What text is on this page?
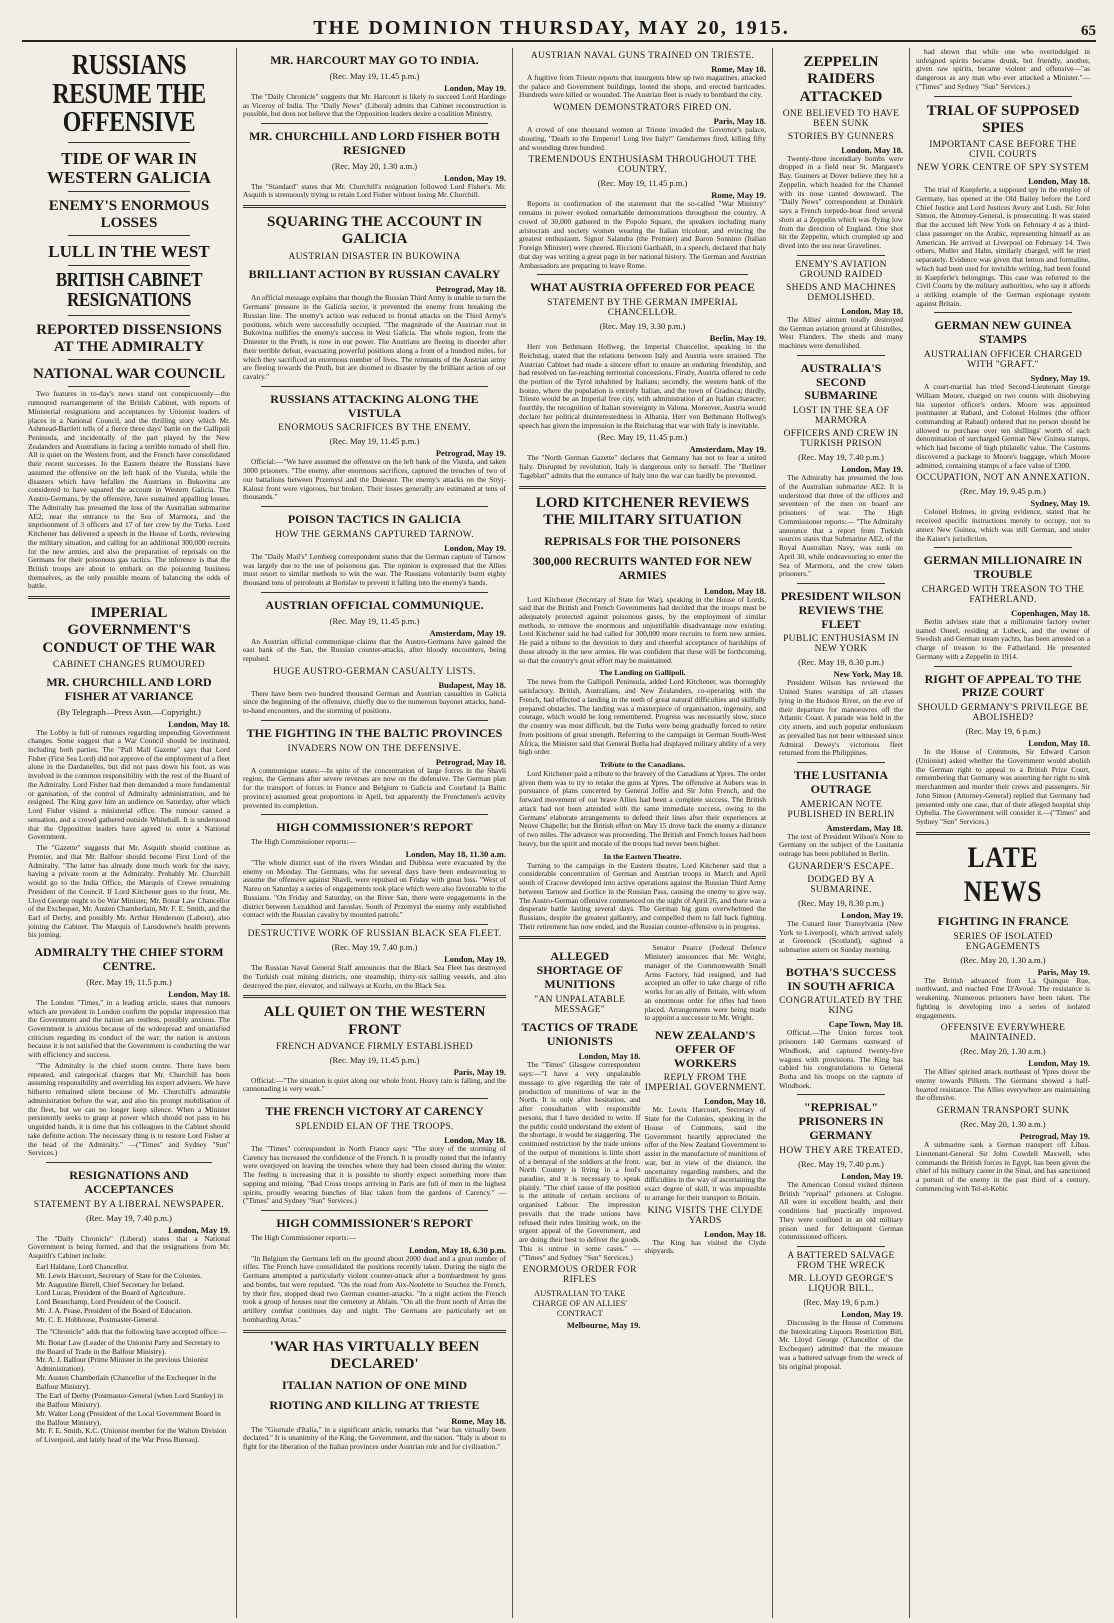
THE DOMINION THURSDAY, MAY 20, 1915.	65
RUSSIANS RESUME THE OFFENSIVE
TIDE OF WAR IN WESTERN GALICIA
ENEMY'S ENORMOUS LOSSES
LULL IN THE WEST
BRITISH CABINET RESIGNATIONS
REPORTED DISSENSIONS AT THE ADMIRALTY
NATIONAL WAR COUNCIL

Two features in to-day's news stand out conspicuously—the rumoured rearrangement of the British Cabinet, with reports of Ministerial resignations and acceptances by Unionist leaders of places in a National Council, and the thrilling story which Mr. Ashmead-Bartlett tells of a fierce three days' battle on the Gallipoli Peninsula, and incidentally of the part played by the New Zealanders and Australians in facing a terrible tornado of shell fire. All is quiet on the Western front, and the French have consolidated their recent successes. In the Eastern theatre the Russians have assumed the offensive on the left bank of the Vistula, while the disasters which have befallen the Austrians in Bukovina are considered to have squared the account in Western Galicia. The Austro-Germans, by the offensive, have sustained appalling losses. The Admiralty has presumed the loss of the Australian submarine AE2, near the entrance to the Sea of Marmora, and the imprisonment of 3 officers and 17 of her crew by the Turks. Lord Kitchener has delivered a speech in the House of Lords, reviewing the military situation, and calling for an additional 300,000 recruits for the new armies, and also the preparation of reprisals on the Germans for their poisonous gas tactics. The inference is that the British troops are about to embark on the poisoning business themselves, as the only possible means of balancing the odds of battle.

IMPERIAL GOVERNMENT'S CONDUCT OF THE WAR
CABINET CHANGES RUMOURED
MR. CHURCHILL AND LORD FISHER AT VARIANCE
(By Telegraph—Press Assn.—Copyright.)
London, May 18.

The Lobby is full of rumours regarding impending Government changes. Some suggest that a War Council should be instituted, including both parties. The "Pall Mall Gazette" says that Lord Fisher (First Sea Lord) did not approve of the employment of a fleet alone in the Dardanelles, but did not pass down his foot, as was involved in the common responsibility with the rest of the Board of the Admiralty. Lord Fisher had then demanded a more fundamental or ganisation, of the control of Admiralty administration, and he resigned. The King gave him an audience on Saturday, after which Lord Fisher visited a ministerial office. The rumour caused a sensation, and a crowd gathered outside Whitehall. It is understood that the Opposition leaders have agreed to enter a National Government.

The "Gazette" suggests that Mr. Asquith should continue as Premier, and that Mr. Balfour should become First Lord of the Admiralty. "The latter has already done much work for the navy, having a private room at the Admiralty. Probably Mr. Churchill would go to the India Office, the Marquis of Crewe remaining President of the Council. If Lord Kitchener goes to the front, Mr. Lloyd George ought to be War Minister, Mr. Bonar Law Chancellor of the Exchequer, Mr. Austen Chamberlain, Mr. F. E. Smith, and the Earl of Derby, and possibly Mr. Arthur Henderson (Labour), also joining the Cabinet. The Marquis of Lansdowne's health prevents his joining.

ADMIRALTY THE CHIEF STORM CENTRE.
(Rec. May 19, 11.5 p.m.)
London, May 18.

The London "Times," in a leading article, states that rumours which are prevalent in London confirm the popular impression that the Government and the nation are restless, possibly anxious. The Government is anxious because of the widespread and unsatisfied criticism regarding its conduct of the war; the nation is anxious because it is not satisfied that the Government is conducting the war with efficiency and success.

"The Admiralty is the chief storm centre. There have been repeated, and categorical charges that Mr. Churchill has been assuming responsibility and overriding his expert advisers. We have hitherto remained silent because of Mr. Churchill's admirable administration before the war, and also his prompt mobilisation of the fleet, but we can no longer keep silence. When a Minister persistently seeks to grasp at power which should not pass to his unguided hands, it is time that his colleagues in the Cabinet should take definite action. The necessary thing is to restore Lord Fisher at the head of the Admiralty." —("Times" and Sydney "Sun" Services.)

RESIGNATIONS AND ACCEPTANCES
STATEMENT BY A LIBERAL NEWSPAPER.
(Rec. May 19, 7.40 p.m.)
London, May 19.

The "Daily Chronicle" (Liberal) states that a National Government is being formed, and that the resignations from Mr. Asquith's Cabinet include:

Earl Haldane, Lord Chancellor.
Mr. Lewis Harcourt, Secretary of State for the Colonies.
Mr. Augustine Birrell, Chief Secretary for Ireland.
Lord Lucas, President of the Board of Agriculture.
Lord Beauchamp, Lord President of the Council.
Mr. J. A. Pease, President of the Board of Education.
Mr. C. E. Hobhouse, Postmaster-General.

The "Chronicle" adds that the following have accepted office:—

Mr. Bonar Law (Leader of the Unionist Party and Secretary to the Board of Trade in the Balfour Ministry).
Mr. A. J. Balfour (Prime Minister in the previous Unionist Administration).
Mr. Austen Chamberlain (Chancellor of the Exchequer in the Balfour Ministry).
The Earl of Derby (Postmaster-General (when Lord Stanley) in the Balfour Ministry).
Mr. Walter Long (President of the Local Government Board in the Balfour Ministry).
Mr. F. E. Smith, K.C. (Unionist member for the Walton Division of Liverpool, and lately head of the War Press Bureau).
MR. HARCOURT MAY GO TO INDIA.
(Rec. May 19, 11.45 p.m.)
London, May 19.

The "Daily Chronicle" suggests that Mr. Harcourt is likely to succeed Lord Hardinge as Viceroy of India. The "Daily News" (Liberal) admits that Cabinet reconstruction is possible, but does not believe that the Opposition leaders desire a coalition Ministry.

MR. CHURCHILL AND LORD FISHER BOTH RESIGNED
(Rec. May 20, 1.30 a.m.)
London, May 19.

The "Standard" states that Mr. Churchill's resignation followed Lord Fisher's. Mr. Asquith is strenuously trying to retain Lord Fisher without losing Mr. Churchill.

SQUARING THE ACCOUNT IN GALICIA
AUSTRIAN DISASTER IN BUKOWINA
BRILLIANT ACTION BY RUSSIAN CAVALRY
Petrograd, May 18.

An official message explains that though the Russian Third Army is unable to turn the Germans' pressure in the Galicia sector, it prevented the enemy from breaking the Russian line. The enemy's action was reduced to frontal attacks on the Third Army's positions, which were successfully occupied. "The magnitude of the Austrian rout in Bukovina nullifies the enemy's success in West Galicia. The whole region, from the Dniester to the Pruth, is now in our power. The Austrians are fleeing in disorder after their terrible defeat, evacuating powerful positions along a front of a hundred miles, for which they sacrificed an enormous number of lives. The remnants of the Austrian army are fleeing towards the Pruth, but are doomed to disaster by the brilliant action of our cavalry."

RUSSIANS ATTACKING ALONG THE VISTULA
ENORMOUS SACRIFICES BY THE ENEMY.
(Rec. May 19, 11.45 p.m.)
Petrograd, May 19.

Official:—"We have assumed the offensive on the left bank of the Vistula, and taken 3000 prisoners. "The enemy, after enormous sacrifices, captured the trenches of two of our battalions between Przemysl and the Dniester. The enemy's attacks on the Stryj-Kalusz front were vigorous, but broken. Their losses generally are estimated at tens of thousands."

POISON TACTICS IN GALICIA
HOW THE GERMANS CAPTURED TARNOW.
London, May 19.

The "Daily Mail's" Lemberg correspondent states that the German capture of Tarnow was largely due to the use of poisonous gas. The opinion is expressed that the Allies must resort to similar methods to win the war. The Russians voluntarily burnt eighty thousand tons of petroleum at Borislav to prevent it falling into the enemy's hands.

AUSTRIAN OFFICIAL COMMUNIQUE.
(Rec. May 19, 11.45 p.m.)
Amsterdam, May 19.

An Austrian official communique claims that the Austro-Germans have gained the east bank of the San, the Russian counter-attacks, after bloody encounters, being repulsed.

HUGE AUSTRO-GERMAN CASUALTY LISTS.
Budapest, May 18.

There have been two hundred thousand German and Austrian casualties in Galicia since the beginning of the offensive, chiefly due to the numerous bayonet attacks, hand-to-hand encounters, and the storming of positions.

THE FIGHTING IN THE BALTIC PROVINCES
INVADERS NOW ON THE DEFENSIVE.
Petrograd, May 18.

A communique states:—In spite of the concentration of large forces in the Shavli region, the Germans after severe reverses are now on the defensive. The German plan for the transport of forces in France and Belgium to Galicia and Courland (a Baltic province) assumed great proportions in April, but apparently the Frenchmen's activity prevented its completion.

HIGH COMMISSIONER'S REPORT

The High Commissioner reports:—

London, May 18, 11.30 a.m.

"The whole district east of the rivers Windau and Dubissa were evacuated by the enemy on Monday. The Germans, who for several days have been endeavouring to assume the offensive against Shavli, were repulsed on Friday with great loss. "West of Nareu on Saturday a series of engagements took place which were also favourable to the Russians. "On Friday and Saturday, on the River San, there were engagements in the district between Lezakhod and Jaroslav. South of Przemysl the enemy only established contact with the Russian cavalry by mounted patrols."

DESTRUCTIVE WORK OF RUSSIAN BLACK SEA FLEET.
(Rec. May 19, 7.40 p.m.)
London, May 19.

The Russian Naval General Staff announces that the Black Sea Fleet has destroyed the Turkish coal mining districts, one steamship, thirty-six sailing vessels, and also destroyed the pier, elevator, and railways at Kozlu, on the Black Sea.

ALL QUIET ON THE WESTERN FRONT
FRENCH ADVANCE FIRMLY ESTABLISHED
(Rec. May 19, 11.45 p.m.)
Paris, May 19.

Official:—"The situation is quiet along our whole front. Heavy rain is falling, and the cannonading is very weak."

THE FRENCH VICTORY AT CARENCY
SPLENDID ELAN OF THE TROOPS.
London, May 18.

The "Times" correspondent in North France says: "The story of the storming of Carency has increased the confidence of the French. It is proudly noted that the infantry were overjoyed on leaving the trenches where they had been closed during the winter. The feeling is increasing that it is possible to shortly expect something more than sapping and mining. "Bad Cross troops arriving in Paris are full of men in the highest spirits, proudly wearing bunches of lilac taken from the gardens of Carency." —("Times" and Sydney "Sun" Services.)

HIGH COMMISSIONER'S REPORT

The High Commissioner reports:—

London, May 18, 6.30 p.m.

"In Belgium the Germans left on the ground about 2000 dead and a great number of rifles. The French have consolidated the positions recently taken. During the night the Germans attempted a particularly violent counter-attack after a bombardment by guns and bombs, but were repulsed. "On the road from Aix-Noulette to Souchez the French, by their fire, stopped dead two German counter-attacks. "In a night action the French took a group of houses near the cemetery at Ablain. "On all the front north of Arras the artillery combat continues day and night. The Germans are particularly set on bombarding Arras."

'WAR HAS VIRTUALLY BEEN DECLARED'
ITALIAN NATION OF ONE MIND
RIOTING AND KILLING AT TRIESTE
Rome, May 18.

The "Giornale d'Italia," in a significant article, remarks that "war has virtually been declared." It is unanimity of the King, the Government, and the nation. "Italy is about to fight for the liberation of the Italian provinces under Austrian rule and for civilisation."

AUSTRIAN NAVAL GUNS TRAINED ON TRIESTE.
Rome, May 18.

A fugitive from Trieste reports that insurgents blew up two magazines, attacked the palace and Government buildings, looted the shops, and erected barricades. Hundreds were killed or wounded. The Austrian fleet is ready to bombard the city.

WOMEN DEMONSTRATORS FIRED ON.
Paris, May 18.

A crowd of one thousand women at Trieste invaded the Governor's palace, shouting, "Death to the Emperor! Long live Italy!" Gendarmes fired, killing fifty and wounding three hundred.

TREMENDOUS ENTHUSIASM THROUGHOUT THE COUNTRY.
(Rec. May 19, 11.45 p.m.)
Rome, May 19.

Reports in confirmation of the statement that the so-called "War Ministry" remains in power evoked remarkable demonstrations throughout the country. A crowd of 30,000 gathered in the Popolo Square, the speakers including many aristocrats and society women wearing the Italian tricolour, and evincing the greatest enthusiasm. Signor Salandra (the Premier) and Baron Sonnino (Italian Foreign Minister) were cheered. Ricciotti Garibaldi, in a speech, declared that Italy that day was writing a great page in her national history. The German and Austrian Ambassadors are preparing to leave Rome.

WHAT AUSTRIA OFFERED FOR PEACE
STATEMENT BY THE GERMAN IMPERIAL CHANCELLOR.
(Rec. May 19, 3.30 p.m.)
Berlin, May 19.

Herr von Bethmann Hollweg, the Imperial Chancellor, speaking in the Reichstag, stated that the relations between Italy and Austria were strained. The Austrian Cabinet had made a sincere effort to ensure an enduring friendship, and had resolved on far-reaching territorial concessions. Firstly, Austria offered to cede the portion of the Tyrol inhabited by Italians; secondly, the western bank of the Isonzo, where the population is entirely Italian, and the town of Gradisca; thirdly, Trieste would be an Imperial free city, with administration of an Italian character; fourthly, the recognition of Italian sovereignty in Valona. Moreover, Austria would declare her political disinterestedness in Albania. Herr von Bethmann Hollweg's speech has given the impression in the Reichstag that war with Italy is inevitable.

(Rec. May 19, 11.45 p.m.)
Amsterdam, May 19.

The "North German Gazette" declares that Germany has not to fear a united Italy. Disrupted by revolution, Italy is dangerous only to herself. The "Berliner Tageblatt" admits that the entrance of Italy into the war can hardly be prevented.

LORD KITCHENER REVIEWS THE MILITARY SITUATION
REPRISALS FOR THE POISONERS
300,000 RECRUITS WANTED FOR NEW ARMIES
London, May 18.

Lord Kitchener (Secretary of State for War), speaking in the House of Lords, said that the British and French Governments had decided that the troops must be adequately protected against poisonous gases, by the employment of similar methods, to remove the enormous and unjustifiable disadvantage now existing. Lord Kitchener said he had called for 300,000 more recruits to form new armies. He paid a tribute to the devotion to duty and cheerful acceptance of hardships of those already in the new armies. He was confident that these will be forthcoming, so that the country's great effort may be maintained.

The Landing on Gallipoli.

The news from the Gallipoli Peninsula, added Lord Kitchener, was thoroughly satisfactory. British, Australians, and New Zealanders, co-operating with the French, had effected a landing in the teeth of great natural difficulties and skilfully prepared obstacles. The landing was a masterpiece of organisation, ingenuity, and courage, which would be long remembered. Progress was necessarily slow, since the country was most difficult, but the Turks were being gradually forced to retire from positions of great strength. Referring to the campaign in German South-West Africa, the Minister said that General Botha had displayed military ability of a very high order.

Tribute to the Canadians.

Lord Kitchener paid a tribute to the bravery of the Canadians at Ypres. The order given them was to try to retake the guns at Ypres. The offensive at Aubers was in pursuance of plans concerted by General Joffre and Sir John French, and the forward movement of our brave Allies had been a complete success. The British attack had not been attended with the same immediate success, owing to the Germans' elaborate arrangements to defend their lines after their experiences at Neuve Chapelle; but the British effort on May 15 drove back the enemy a distance of two miles. The advance was proceeding. The British and French losses had been heavy, but the spirit and morale of the troops had never been higher.

In the Eastern Theatre.

Turning to the campaign in the Eastern theatre, Lord Kitchener said that a considerable concentration of German and Austrian troops in March and April south of Cracow developed into active operations against the Russian Third Army between Tarnow and Gorlice in the Russian Pass, causing the enemy to give way. The Austro-German offensive commenced on the night of April 26, and there was a desperate battle lasting several days. The German big guns overwhelmed the Russians, despite the greatest gallantry, and compelled them to fall back fighting. Their retirement has now ended, and the Russian counter-offensive is in progress.

ALLEGED SHORTAGE OF MUNITIONS
"AN UNPALATABLE MESSAGE"
TACTICS OF TRADE UNIONISTS
London, May 18.

The "Times" Glasgow correspondent says:—"I have a very unpalatable message to give regarding the rate of production of munitions of war in the North. It is only after hesitation, and after consultation with responsible persons, that I have decided to write. If the public could understand the extent of the shortage, it would be staggering. The continued restriction by the trade unions of the output of munitions is little short of a betrayal of the soldiers at the front. North Country is living in a fool's paradise, and it is necessary to speak plainly. "The chief cause of the position is the attitude of certain sections of organised Labour. The impression prevails that the trade unions have refused their rules limiting work, on the urgent appeal of the Government, and are doing their best to deliver the goods. This is untrue in some cases." —("Times" and Sydney "Sun" Services.)

ENORMOUS ORDER FOR RIFLES
AUSTRALIAN TO TAKE CHARGE OF AN ALLIES' CONTRACT
Melbourne, May 19.

Senator Pearce (Federal Defence Minister) announces that Mr. Wright, manager of the Commonwealth Small Arms Factory, had resigned, and had accepted an offer to take charge of rifle works for an ally of Britain, with whom an enormous order for rifles had been placed. Arrangements were being made to appoint a successor to Mr. Wright.

NEW ZEALAND'S OFFER OF WORKERS
REPLY FROM THE IMPERIAL GOVERNMENT.
London, May 18.

Mr. Lewis Harcourt, Secretary of State for the Colonies, speaking in the House of Commons, said the Government heartily appreciated the offer of the New Zealand Government to assist in the manufacture of munitions of war, but in view of the distance, the uncertainty regarding numbers, and the difficulties in the way of ascertaining the exact degree of skill, it was impossible to arrange for their transport to Britain.

KING VISITS THE CLYDE YARDS
London, May 18.

The King has visited the Clyde shipyards.

ZEPPELIN RAIDERS ATTACKED
ONE BELIEVED TO HAVE BEEN SUNK
STORIES BY GUNNERS
London, May 18.

Twenty-three incendiary bombs were dropped in a field near St. Margaret's Bay. Gunners at Dover believe they hit a Zeppelin, which headed for the Channel with its nose canted downward. The "Daily News" correspondent at Dunkirk says a French torpedo-boat fired several shots at a Zeppelin which was flying low from the direction of England. One shot hit the Zeppelin, which crumpled up and dived into the sea near Gravelines.

ENEMY'S AVIATION GROUND RAIDED
SHEDS AND MACHINES DEMOLISHED.
London, May 18.

The Allies' airmen totally destroyed the German aviation ground at Ghistelles, West Flanders. The sheds and many machines were demolished.

AUSTRALIA'S SECOND SUBMARINE
LOST IN THE SEA OF MARMORA
OFFICERS AND CREW IN TURKISH PRISON
(Rec. May 19, 7.40 p.m.)
London, May 19.

The Admiralty has presumed the loss of the Australian submarine AE2. It is understood that three of the officers and seventeen of the men on board are prisoners of war. The High Commissioner reports:— "The Admiralty announce that a report from Turkish sources states that Submarine AE2, of the Royal Australian Navy, was sunk on April 30, while endeavouring to enter the Sea of Marmora, and the crew taken prisoners."

PRESIDENT WILSON REVIEWS THE FLEET
PUBLIC ENTHUSIASM IN NEW YORK
(Rec. May 19, 8.30 p.m.)
New York, May 18.

President Wilson has reviewed the United States warships of all classes lying in the Hudson River, on the eve of their departure for manoeuvres off the Atlantic Coast. A parade was held in the city streets, and such popular enthusiasm as prevailed has not been witnessed since Admiral Dewey's victorious fleet returned from the Philippines.

THE LUSITANIA OUTRAGE
AMERICAN NOTE PUBLISHED IN BERLIN
Amsterdam, May 18.

The text of President Wilson's Note to Germany on the subject of the Lusitania outrage has been published in Berlin.

GUNARDER'S ESCAPE.
DODGED BY A SUBMARINE.
(Rec. May 19, 8.30 p.m.)
London, May 19.

The Cunard liner Transylvania (New York to Liverpool), which arrived safely at Greenock (Scotland), sighted a submarine astern on Sunday morning.

BOTHA'S SUCCESS IN SOUTH AFRICA
CONGRATULATED BY THE KING
Cape Town, May 18.

Official.—The Union forces took prisoners 140 Germans eastward of Windhoek, and captured twenty-five wagons with provisions. The King has cabled his congratulations to General Botha and his troops on the capture of Windhoek.

"REPRISAL" PRISONERS IN GERMANY
HOW THEY ARE TREATED.
(Rec. May 19, 7.40 p.m.)
London, May 19.

The American Consul visited thirteen British "reprisal" prisoners at Cologne. All were in excellent health, and their conditions had practically improved. They were confined in an old military prison used for delinquent German commissioned officers.

A BATTERED SALVAGE FROM THE WRECK
MR. LLOYD GEORGE'S LIQUOR BILL.
(Rec. May 19, 6 p.m.)
London, May 19.

Discussing in the House of Commons the Intoxicating Liquors Restriction Bill, Mr. Lloyd George (Chancellor of the Exchequer) admitted that the measure was a battered salvage from the wreck of his original proposal.

had shown that while one who overindulged in unfeigned spirits became drunk, but friendly, another, given raw spirits, became violent and offensive—"as dangerous as any man who ever attacked a Minister."—("Times" and Sydney "Sun" Services.)

TRIAL OF SUPPOSED SPIES
IMPORTANT CASE BEFORE THE CIVIL COURTS
NEW YORK CENTRE OF SPY SYSTEM
London, May 18.

The trial of Kuepferle, a supposed spy in the employ of Germany, has opened at the Old Bailey before the Lord Chief Justice and Lord Justices Avory and Lush. Sir John Simon, the Attorney-General, is prosecuting. It was stated that the accused left New York on February 4 as a third-class passenger on the Arabic, representing himself as an American. He arrived at Liverpool on February 14. Two others, Muller and Hahn, similarly charged, will be tried separately. Evidence was given that lemon and formaline, which had been used for invisible writing, had been found in Kuepferle's belongings. This case was referred to the Civil Courts by the military authorities, who say it affords a striking example of the German espionage system against Britain.

GERMAN NEW GUINEA STAMPS
AUSTRALIAN OFFICER CHARGED WITH "GRAFT."
Sydney, May 19.

A court-martial has tried Second-Lieutenant George William Moore, charged on two counts with disobeying his superior officer's orders. Moore was appointed postmaster at Rabaul, and Colonel Holmes (the officer commanding at Rabaul) ordered that no person should be allowed to purchase over ten shillings' worth of each denomination of surcharged German New Guinea stamps, which had become of high philatelic value. The Customs discovered a package to Moore's baggage, which Moore admitted, containing stamps of a face value of £300.

OCCUPATION, NOT AN ANNEXATION.
(Rec. May 19, 9.45 p.m.)
Sydney, May 19.

Colonel Holmes, in giving evidence, stated that he received specific instructions merely to occupy, not to annex New Guinea, which was still German, and under the Kaiser's jurisdiction.

GERMAN MILLIONAIRE IN TROUBLE
CHARGED WITH TREASON TO THE FATHERLAND.
Copenhagen, May 18.

Berlin advises state that a millionaire factory owner named Oneel, residing at Lubeck, and the owner of Swedish and German steam yachts, has been arrested on a charge of treason to the Fatherland. He presented Germany with a Zeppelin in 1914.

RIGHT OF APPEAL TO THE PRIZE COURT
SHOULD GERMANY'S PRIVILEGE BE ABOLISHED?
(Rec. May 19, 6 p.m.)
London, May 18.

In the House of Commons, Sir Edward Carson (Unionist) asked whether the Government would abolish the German right to appeal to a British Prize Court, remembering that Germany was asserting her right to sink merchantmen and murder their crews and passengers. Sir John Simon (Attorney-General) replied that Germany had presented only one case, that of their alleged hospital ship Ophelia. The Government will consider it.—("Times" and Sydney "Sun" Services.)

LATE NEWS
FIGHTING IN FRANCE
SERIES OF ISOLATED ENGAGEMENTS
(Rec. May 20, 1.30 a.m.)
Paris, May 19.

The British advanced from La Quinque Rue, northward, and reached Fme D'Avoué. The resistance is weakening. Numerous prisoners have been taken. The fighting is developing into a series of isolated engagements.

OFFENSIVE EVERYWHERE MAINTAINED.
(Rec. May 20, 1.30 a.m.)
London, May 19.

The Allies' spirited attack northeast of Ypres drove the enemy towards Pilkem. The Germans showed a half-hearted resistance. The Allies everywhere are maintaining the offensive.

GERMAN TRANSPORT SUNK
(Rec. May 20, 1.30 a.m.)
Petrograd, May 19.

A submarine sank a German transport off Libau. Lieutenant-General Sir John Cowdell Maxwell, who commands the British forces in Egypt, has been given the chief of his military career in the Sinai, and has sanctioned a pursuit of the enemy in the past third of a century, commencing with Tel-el-Kebir.
